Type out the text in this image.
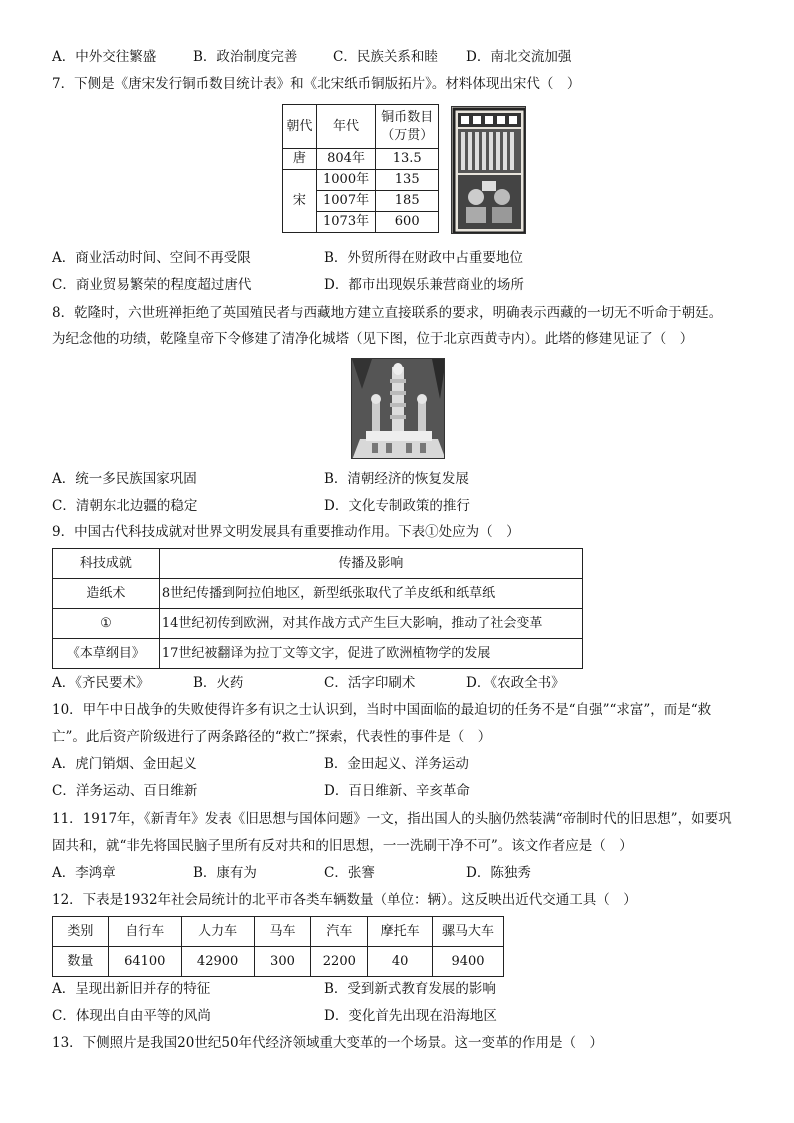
A．中外交往繁盛	B．政治制度完善	C．民族关系和睦 D．南北交流加强
7．下侧是《唐宋发行铜币数目统计表》和《北宋纸币铜版拓片》。材料体现出宋代（　）
朝代	年代	铜币数目
（万贯）

唐	804年	13.5
宋	1000年	135
	1007年	185
	1073年	600
A．商业活动时间、空间不再受限	B．外贸所得在财政中占重要地位
C．商业贸易繁荣的程度超过唐代	D．都市出现娱乐兼营商业的场所
8．乾隆时，六世班禅拒绝了英国殖民者与西藏地方建立直接联系的要求，明确表示西藏的一切无不听命于朝廷。
为纪念他的功绩，乾隆皇帝下令修建了清净化城塔（见下图，位于北京西黄寺内）。此塔的修建见证了（　）
A．统一多民族国家巩固	B．清朝经济的恢复发展
C．清朝东北边疆的稳定	D．文化专制政策的推行
9．中国古代科技成就对世界文明发展具有重要推动作用。下表①处应为（　）
科技成就	传播及影响
造纸术	8世纪传播到阿拉伯地区，新型纸张取代了羊皮纸和纸草纸
①	14世纪初传到欧洲，对其作战方式产生巨大影响，推动了社会变革
《本草纲目》	17世纪被翻译为拉丁文等文字，促进了欧洲植物学的发展
A．《齐民要术》	B．火药	C．活字印刷术	D．《农政全书》
10．甲午中日战争的失败使得许多有识之士认识到，当时中国面临的最迫切的任务不是“自强”“求富”，而是“救
亡”。此后资产阶级进行了两条路径的“救亡”探索，代表性的事件是（　）
A．虎门销烟、金田起义	B．金田起义、洋务运动
C．洋务运动、百日维新	D．百日维新、辛亥革命
11．1917年，《新青年》发表《旧思想与国体问题》一文，指出国人的头脑仍然装满“帝制时代的旧思想”，如要巩
固共和，就“非先将国民脑子里所有反对共和的旧思想，一一洗刷干净不可”。该文作者应是（　）
A．李鸿章	B．康有为	C．张謇	D．陈独秀
12．下表是1932年社会局统计的北平市各类车辆数量（单位：辆）。这反映出近代交通工具（　）
类别	自行车	人力车	马车	汽车	摩托车	骡马大车
数量	64100	42900	300	2200	40	9400
A．呈现出新旧并存的特征	B．受到新式教育发展的影响
C．体现出自由平等的风尚	D．变化首先出现在沿海地区
13．下侧照片是我国20世纪50年代经济领域重大变革的一个场景。这一变革的作用是（　）
